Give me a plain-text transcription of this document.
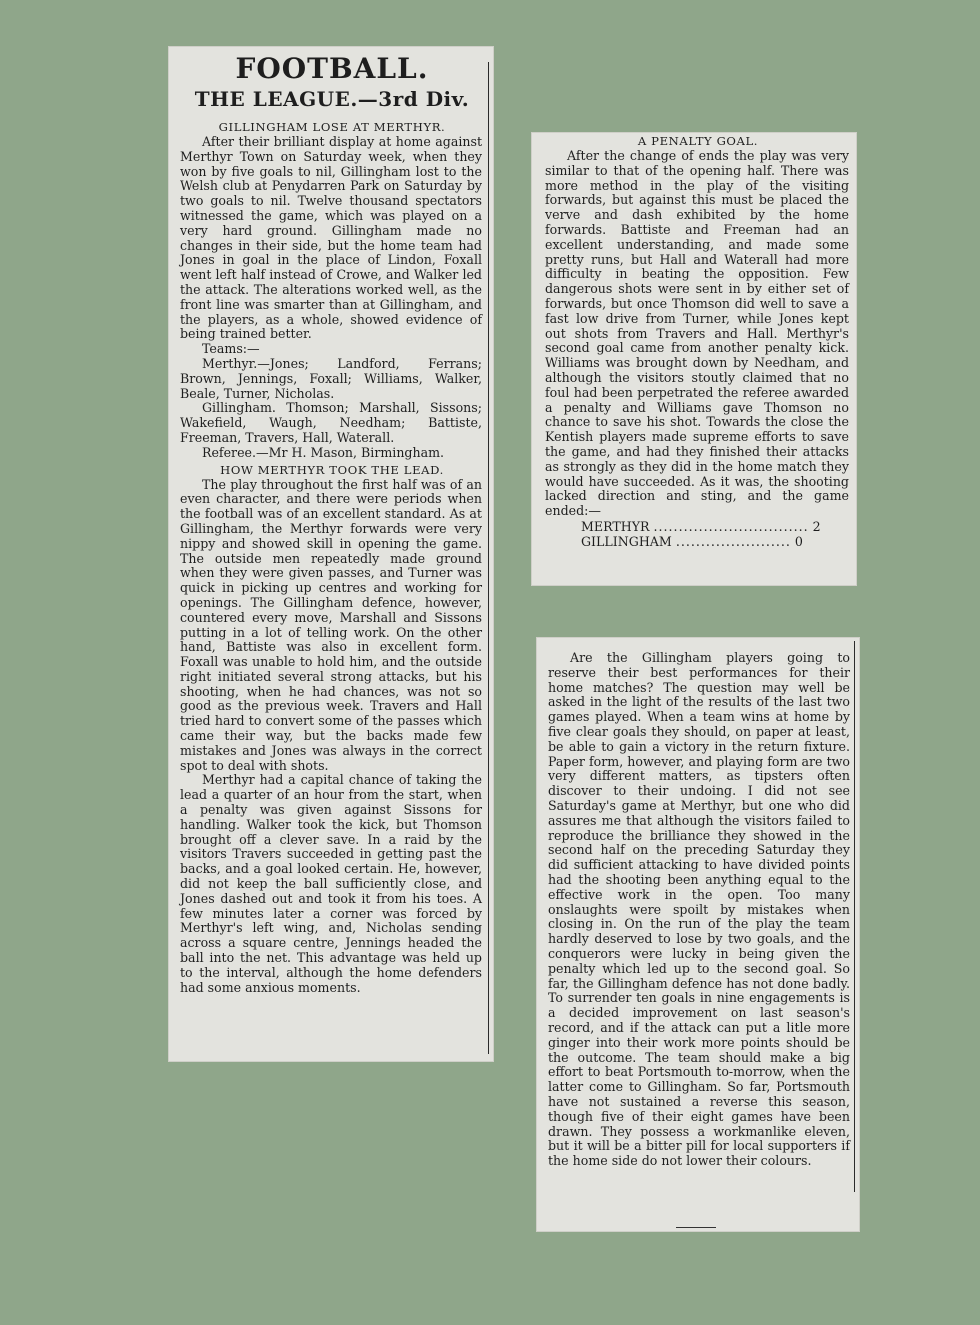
FOOTBALL.

THE LEAGUE.—3rd Div.

GILLINGHAM LOSE AT MERTHYR.

After their brilliant display at home against Merthyr Town on Saturday week, when they won by five goals to nil, Gillingham lost to the Welsh club at Penydarren Park on Saturday by two goals to nil. Twelve thousand spectators witnessed the game, which was played on a very hard ground. Gillingham made no changes in their side, but the home team had Jones in goal in the place of Lindon, Foxall went left half instead of Crowe, and Walker led the attack. The alterations worked well, as the front line was smarter than at Gillingham, and the players, as a whole, showed evidence of being trained better.

Teams:—

Merthyr.—Jones; Landford, Ferrans; Brown, Jennings, Foxall; Williams, Walker, Beale, Turner, Nicholas.

Gillingham. Thomson; Marshall, Sissons; Wakefield, Waugh, Needham; Battiste, Freeman, Travers, Hall, Waterall.

Referee.—Mr H. Mason, Birmingham.

HOW MERTHYR TOOK THE LEAD.

The play throughout the first half was of an even character, and there were periods when the football was of an excellent standard. As at Gillingham, the Merthyr forwards were very nippy and showed skill in opening the game. The outside men repeatedly made ground when they were given passes, and Turner was quick in picking up centres and working for openings. The Gillingham defence, however, countered every move, Marshall and Sissons putting in a lot of telling work. On the other hand, Battiste was also in excellent form. Foxall was unable to hold him, and the outside right initiated several strong attacks, but his shooting, when he had chances, was not so good as the previous week. Travers and Hall tried hard to convert some of the passes which came their way, but the backs made few mistakes and Jones was always in the correct spot to deal with shots.

Merthyr had a capital chance of taking the lead a quarter of an hour from the start, when a penalty was given against Sissons for handling. Walker took the kick, but Thomson brought off a clever save. In a raid by the visitors Travers succeeded in getting past the backs, and a goal looked certain. He, however, did not keep the ball sufficiently close, and Jones dashed out and took it from his toes. A few minutes later a corner was forced by Merthyr's left wing, and, Nicholas sending across a square centre, Jennings headed the ball into the net. This advantage was held up to the interval, although the home defenders had some anxious moments.

A PENALTY GOAL.

After the change of ends the play was very similar to that of the opening half. There was more method in the play of the visiting forwards, but against this must be placed the verve and dash exhibited by the home forwards. Battiste and Freeman had an excellent understanding, and made some pretty runs, but Hall and Waterall had more difficulty in beating the opposition. Few dangerous shots were sent in by either set of forwards, but once Thomson did well to save a fast low drive from Turner, while Jones kept out shots from Travers and Hall. Merthyr's second goal came from another penalty kick. Williams was brought down by Needham, and although the visitors stoutly claimed that no foul had been perpetrated the referee awarded a penalty and Williams gave Thomson no chance to save his shot. Towards the close the Kentish players made supreme efforts to save the game, and had they finished their attacks as strongly as they did in the home match they would have succeeded. As it was, the shooting lacked direction and sting, and the game ended:—

MERTHYR ............................... 2

GILLINGHAM ....................... 0

Are the Gillingham players going to reserve their best performances for their home matches? The question may well be asked in the light of the results of the last two games played. When a team wins at home by five clear goals they should, on paper at least, be able to gain a victory in the return fixture. Paper form, however, and playing form are two very different matters, as tipsters often discover to their undoing. I did not see Saturday's game at Merthyr, but one who did assures me that although the visitors failed to reproduce the brilliance they showed in the second half on the preceding Saturday they did sufficient attacking to have divided points had the shooting been anything equal to the effective work in the open. Too many onslaughts were spoilt by mistakes when closing in. On the run of the play the team hardly deserved to lose by two goals, and the conquerors were lucky in being given the penalty which led up to the second goal. So far, the Gillingham defence has not done badly. To surrender ten goals in nine engagements is a decided improvement on last season's record, and if the attack can put a litle more ginger into their work more points should be the outcome. The team should make a big effort to beat Portsmouth to-morrow, when the latter come to Gillingham. So far, Portsmouth have not sustained a reverse this season, though five of their eight games have been drawn. They possess a workmanlike eleven, but it will be a bitter pill for local supporters if the home side do not lower their colours.
